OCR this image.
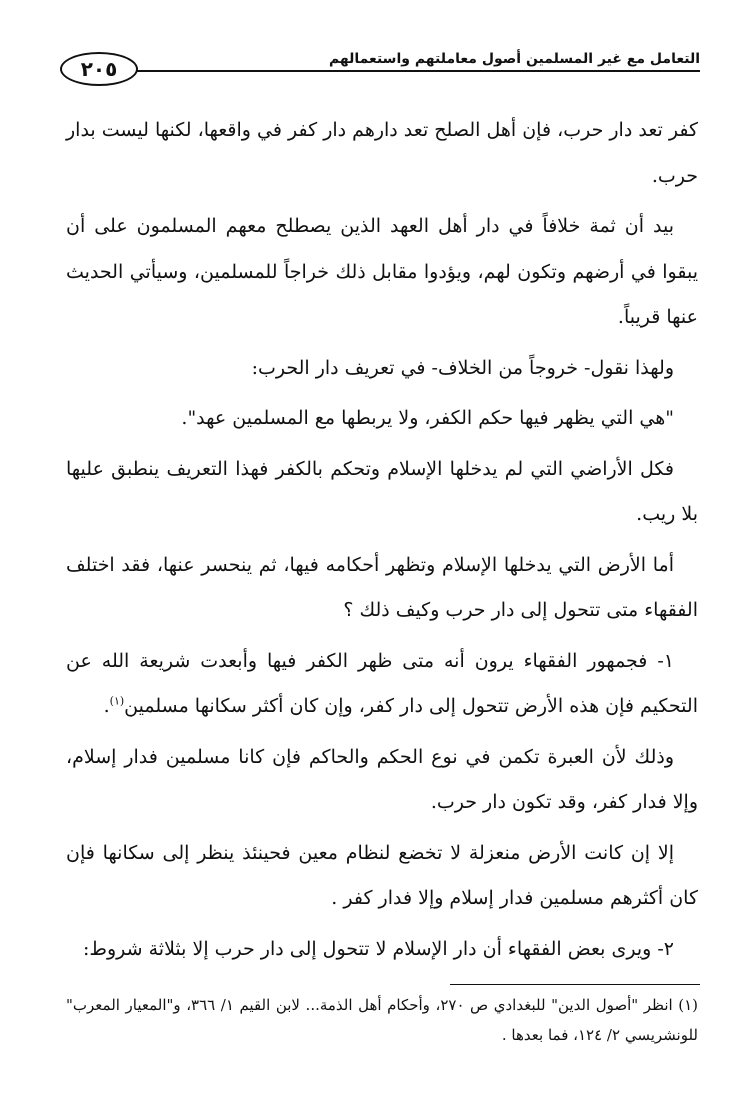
التعامل مع غير المسلمين أصول معاملتهم واستعمالهم
٢٠٥

كفر تعد دار حرب، فإن أهل الصلح تعد دارهم دار كفر في واقعها، لكنها ليست بدار حرب.

بيد أن ثمة خلافاً في دار أهل العهد الذين يصطلح معهم المسلمون على أن يبقوا في أرضهم وتكون لهم، ويؤدوا مقابل ذلك خراجاً للمسلمين، وسيأتي الحديث عنها قريباً.

ولهذا نقول- خروجاً من الخلاف- في تعريف دار الحرب:

"هي التي يظهر فيها حكم الكفر، ولا يربطها مع المسلمين عهد".

فكل الأراضي التي لم يدخلها الإسلام وتحكم بالكفر فهذا التعريف ينطبق عليها بلا ريب.

أما الأرض التي يدخلها الإسلام وتظهر أحكامه فيها، ثم ينحسر عنها، فقد اختلف الفقهاء متى تتحول إلى دار حرب وكيف ذلك ؟

١- فجمهور الفقهاء يرون أنه متى ظهر الكفر فيها وأبعدت شريعة الله عن التحكيم فإن هذه الأرض تتحول إلى دار كفر، وإن كان أكثر سكانها مسلمين$^{(١)}$.

وذلك لأن العبرة تكمن في نوع الحكم والحاكم فإن كانا مسلمين فدار إسلام، وإلا فدار كفر، وقد تكون دار حرب.

إلا إن كانت الأرض منعزلة لا تخضع لنظام معين فحينئذ ينظر إلى سكانها فإن كان أكثرهم مسلمين فدار إسلام وإلا فدار كفر .

٢- ويرى بعض الفقهاء أن دار الإسلام لا تتحول إلى دار حرب إلا بثلاثة شروط:

(١) انظر "أصول الدين" للبغدادي ص ٢٧٠، وأحكام أهل الذمة... لابن القيم ١/ ٣٦٦، و"المعيار المعرب" للونشريسي ٢/ ١٢٤، فما بعدها .
